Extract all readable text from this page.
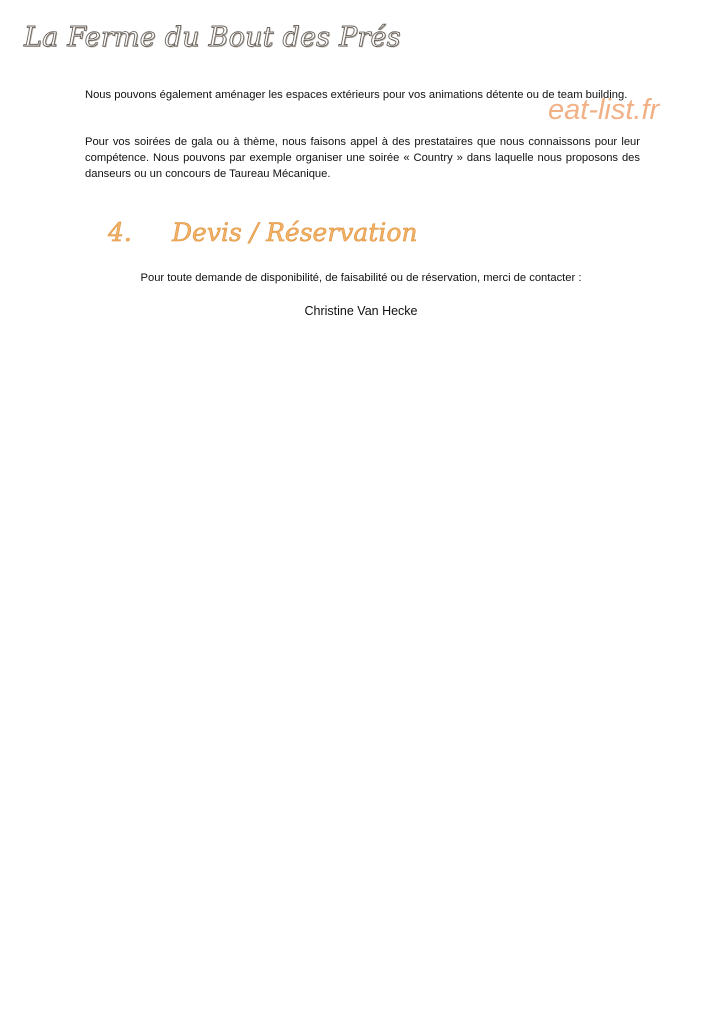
La Ferme du Bout des Prés
eat-list.fr

Nous pouvons également aménager les espaces extérieurs pour vos animations détente ou de team building.

Pour vos soirées de gala ou à thème, nous faisons appel à des prestataires que nous connaissons pour leur compétence. Nous pouvons par exemple organiser une soirée « Country » dans laquelle nous proposons des danseurs ou un concours de Taureau Mécanique.

4. Devis / Réservation
Pour toute demande de disponibilité, de faisabilité ou de réservation, merci de contacter :
Christine Van Hecke
